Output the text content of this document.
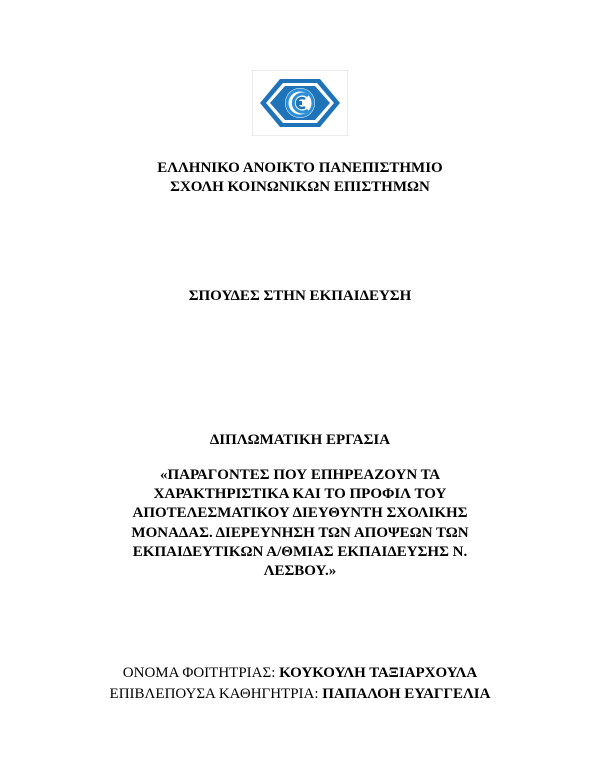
ΕΛΛΗΝΙΚΟ ΑΝΟΙΚΤΟ ΠΑΝΕΠΙΣΤΗΜΙΟ
ΣΧΟΛΗ ΚΟΙΝΩΝΙΚΩΝ ΕΠΙΣΤΗΜΩΝ
ΣΠΟΥΔΕΣ ΣΤΗΝ ΕΚΠΑΙΔΕΥΣΗ
ΔΙΠΛΩΜΑΤΙΚΗ ΕΡΓΑΣΙΑ
«ΠΑΡΑΓΟΝΤΕΣ ΠΟΥ ΕΠΗΡΕΑΖΟΥΝ ΤΑ
ΧΑΡΑΚΤΗΡΙΣΤΙΚΑ ΚΑΙ ΤΟ ΠΡΟΦΙΛ ΤΟΥ
ΑΠΟΤΕΛΕΣΜΑΤΙΚΟΥ ΔΙΕΥΘΥΝΤΗ ΣΧΟΛΙΚΗΣ
ΜΟΝΑΔΑΣ. ΔΙΕΡΕΥΝΗΣΗ ΤΩΝ ΑΠΟΨΕΩΝ ΤΩΝ
ΕΚΠΑΙΔΕΥΤΙΚΩΝ Α/ΘΜΙΑΣ ΕΚΠΑΙΔΕΥΣΗΣ Ν.
ΛΕΣΒΟΥ.»
ΟΝΟΜΑ ΦΟΙΤΗΤΡΙΑΣ: ΚΟΥΚΟΥΛΗ ΤΑΞΙΑΡΧΟΥΛΑ
ΕΠΙΒΛΕΠΟΥΣΑ ΚΑΘΗΓΗΤΡΙΑ: ΠΑΠΑΛΟΗ ΕΥΑΓΓΕΛΙΑ
